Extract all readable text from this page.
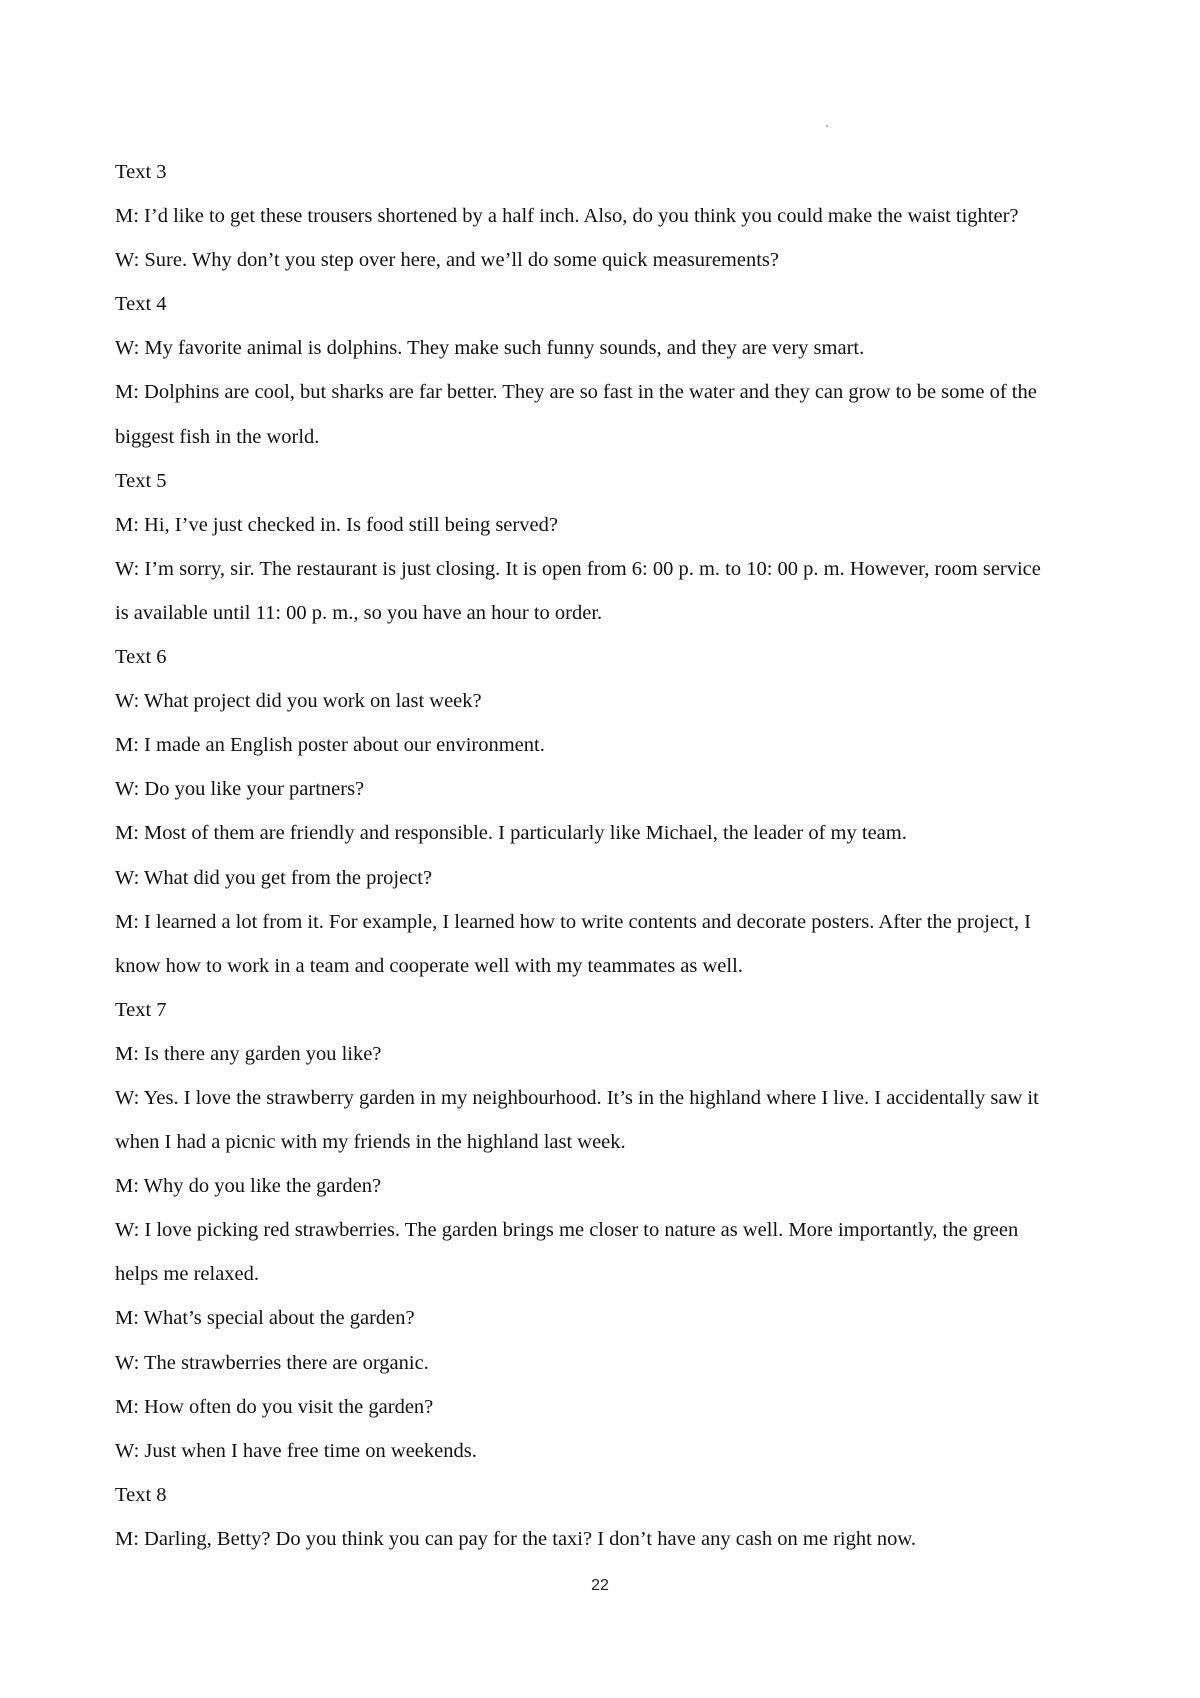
Text 3
M: I’d like to get these trousers shortened by a half inch. Also, do you think you could make the waist tighter?
W: Sure. Why don’t you step over here, and we’ll do some quick measurements?
Text 4
W: My favorite animal is dolphins. They make such funny sounds, and they are very smart.
M: Dolphins are cool, but sharks are far better. They are so fast in the water and they can grow to be some of the
biggest fish in the world.
Text 5
M: Hi, I’ve just checked in. Is food still being served?
W: I’m sorry, sir. The restaurant is just closing. It is open from 6: 00 p. m. to 10: 00 p. m. However, room service
is available until 11: 00 p. m., so you have an hour to order.
Text 6
W: What project did you work on last week?
M: I made an English poster about our environment.
W: Do you like your partners?
M: Most of them are friendly and responsible. I particularly like Michael, the leader of my team.
W: What did you get from the project?
M: I learned a lot from it. For example, I learned how to write contents and decorate posters. After the project, I
know how to work in a team and cooperate well with my teammates as well.
Text 7
M: Is there any garden you like?
W: Yes. I love the strawberry garden in my neighbourhood. It’s in the highland where I live. I accidentally saw it
when I had a picnic with my friends in the highland last week.
M: Why do you like the garden?
W: I love picking red strawberries. The garden brings me closer to nature as well. More importantly, the green
helps me relaxed.
M: What’s special about the garden?
W: The strawberries there are organic.
M: How often do you visit the garden?
W: Just when I have free time on weekends.
Text 8
M: Darling, Betty? Do you think you can pay for the taxi? I don’t have any cash on me right now.
22
